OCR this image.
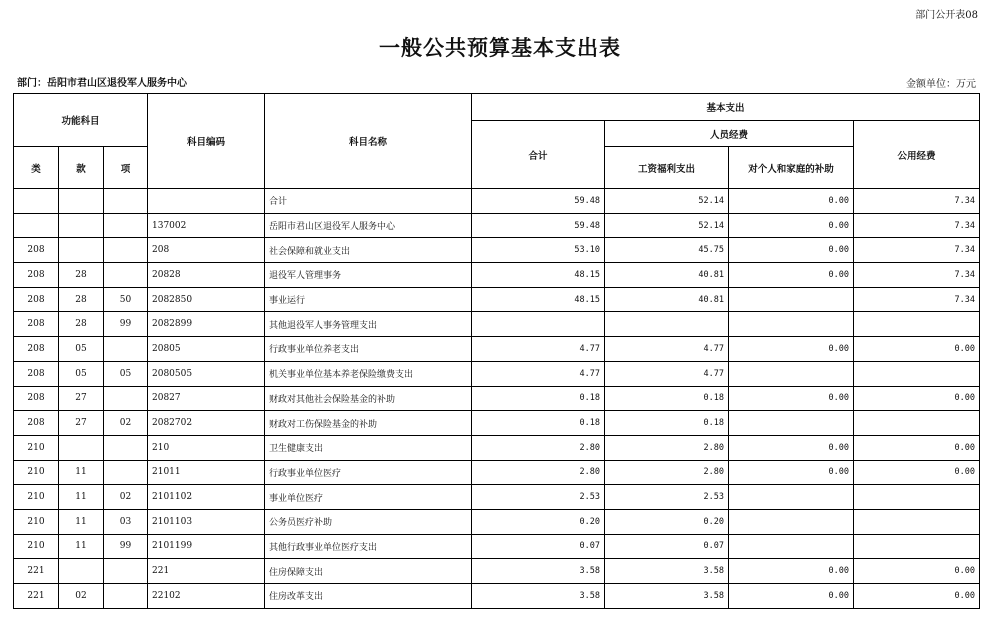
部门公开表08
一般公共预算基本支出表
部门：岳阳市君山区退役军人服务中心	金额单位：万元
功能科目			科目编码	科目名称	基本支出			
					合计	人员经费		公用经费
类	款	项				工资福利支出	对个人和家庭的补助	
				合计	59.48	52.14	0.00	7.34
			137002	岳阳市君山区退役军人服务中心	59.48	52.14	0.00	7.34
208			208	社会保障和就业支出	53.10	45.75	0.00	7.34
208	28		20828	退役军人管理事务	48.15	40.81	0.00	7.34
208	28	50	2082850	事业运行	48.15	40.81		7.34
208	28	99	2082899	其他退役军人事务管理支出				
208	05		20805	行政事业单位养老支出	4.77	4.77	0.00	0.00
208	05	05	2080505	机关事业单位基本养老保险缴费支出	4.77	4.77		
208	27		20827	财政对其他社会保险基金的补助	0.18	0.18	0.00	0.00
208	27	02	2082702	财政对工伤保险基金的补助	0.18	0.18		
210			210	卫生健康支出	2.80	2.80	0.00	0.00
210	11		21011	行政事业单位医疗	2.80	2.80	0.00	0.00
210	11	02	2101102	事业单位医疗	2.53	2.53		
210	11	03	2101103	公务员医疗补助	0.20	0.20		
210	11	99	2101199	其他行政事业单位医疗支出	0.07	0.07		
221			221	住房保障支出	3.58	3.58	0.00	0.00
221	02		22102	住房改革支出	3.58	3.58	0.00	0.00
